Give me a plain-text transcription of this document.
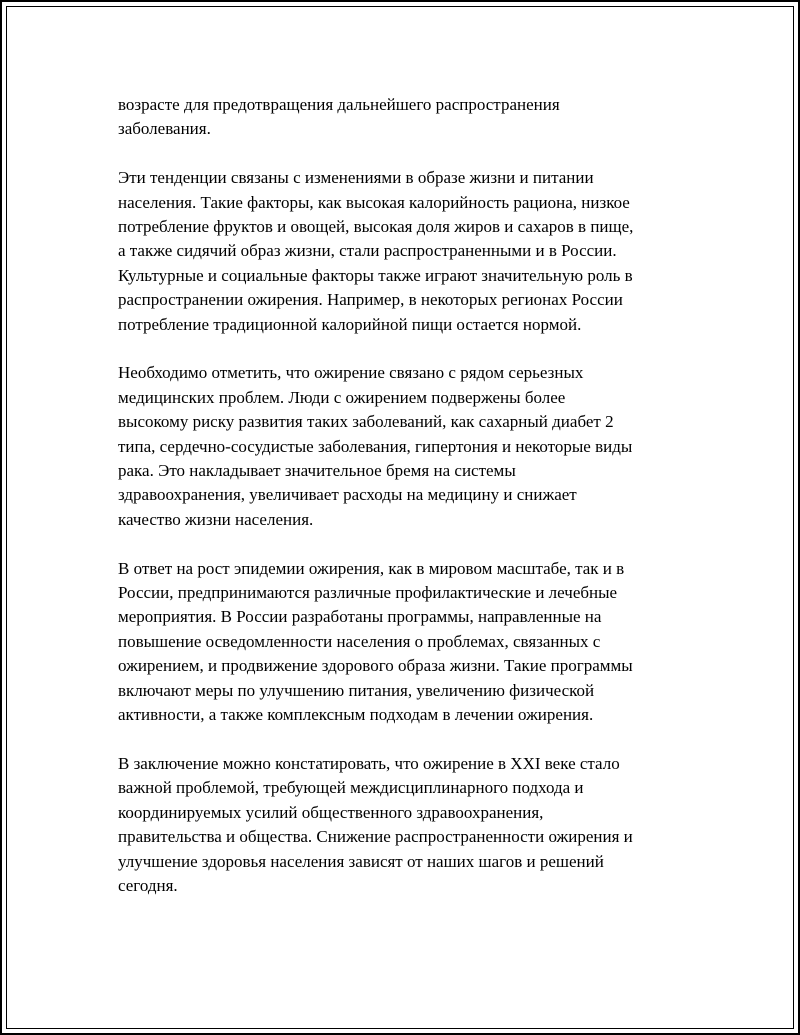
возрасте для предотвращения дальнейшего распространения
заболевания.

Эти тенденции связаны с изменениями в образе жизни и питании
населения. Такие факторы, как высокая калорийность рациона, низкое
потребление фруктов и овощей, высокая доля жиров и сахаров в пище,
а также сидячий образ жизни, стали распространенными и в России.
Культурные и социальные факторы также играют значительную роль в
распространении ожирения. Например, в некоторых регионах России
потребление традиционной калорийной пищи остается нормой.

Необходимо отметить, что ожирение связано с рядом серьезных
медицинских проблем. Люди с ожирением подвержены более
высокому риску развития таких заболеваний, как сахарный диабет 2
типа, сердечно-сосудистые заболевания, гипертония и некоторые виды
рака. Это накладывает значительное бремя на системы
здравоохранения, увеличивает расходы на медицину и снижает
качество жизни населения.

В ответ на рост эпидемии ожирения, как в мировом масштабе, так и в
России, предпринимаются различные профилактические и лечебные
мероприятия. В России разработаны программы, направленные на
повышение осведомленности населения о проблемах, связанных с
ожирением, и продвижение здорового образа жизни. Такие программы
включают меры по улучшению питания, увеличению физической
активности, а также комплексным подходам в лечении ожирения.

В заключение можно констатировать, что ожирение в XXI веке стало
важной проблемой, требующей междисциплинарного подхода и
координируемых усилий общественного здравоохранения,
правительства и общества. Снижение распространенности ожирения и
улучшение здоровья населения зависят от наших шагов и решений
сегодня.
